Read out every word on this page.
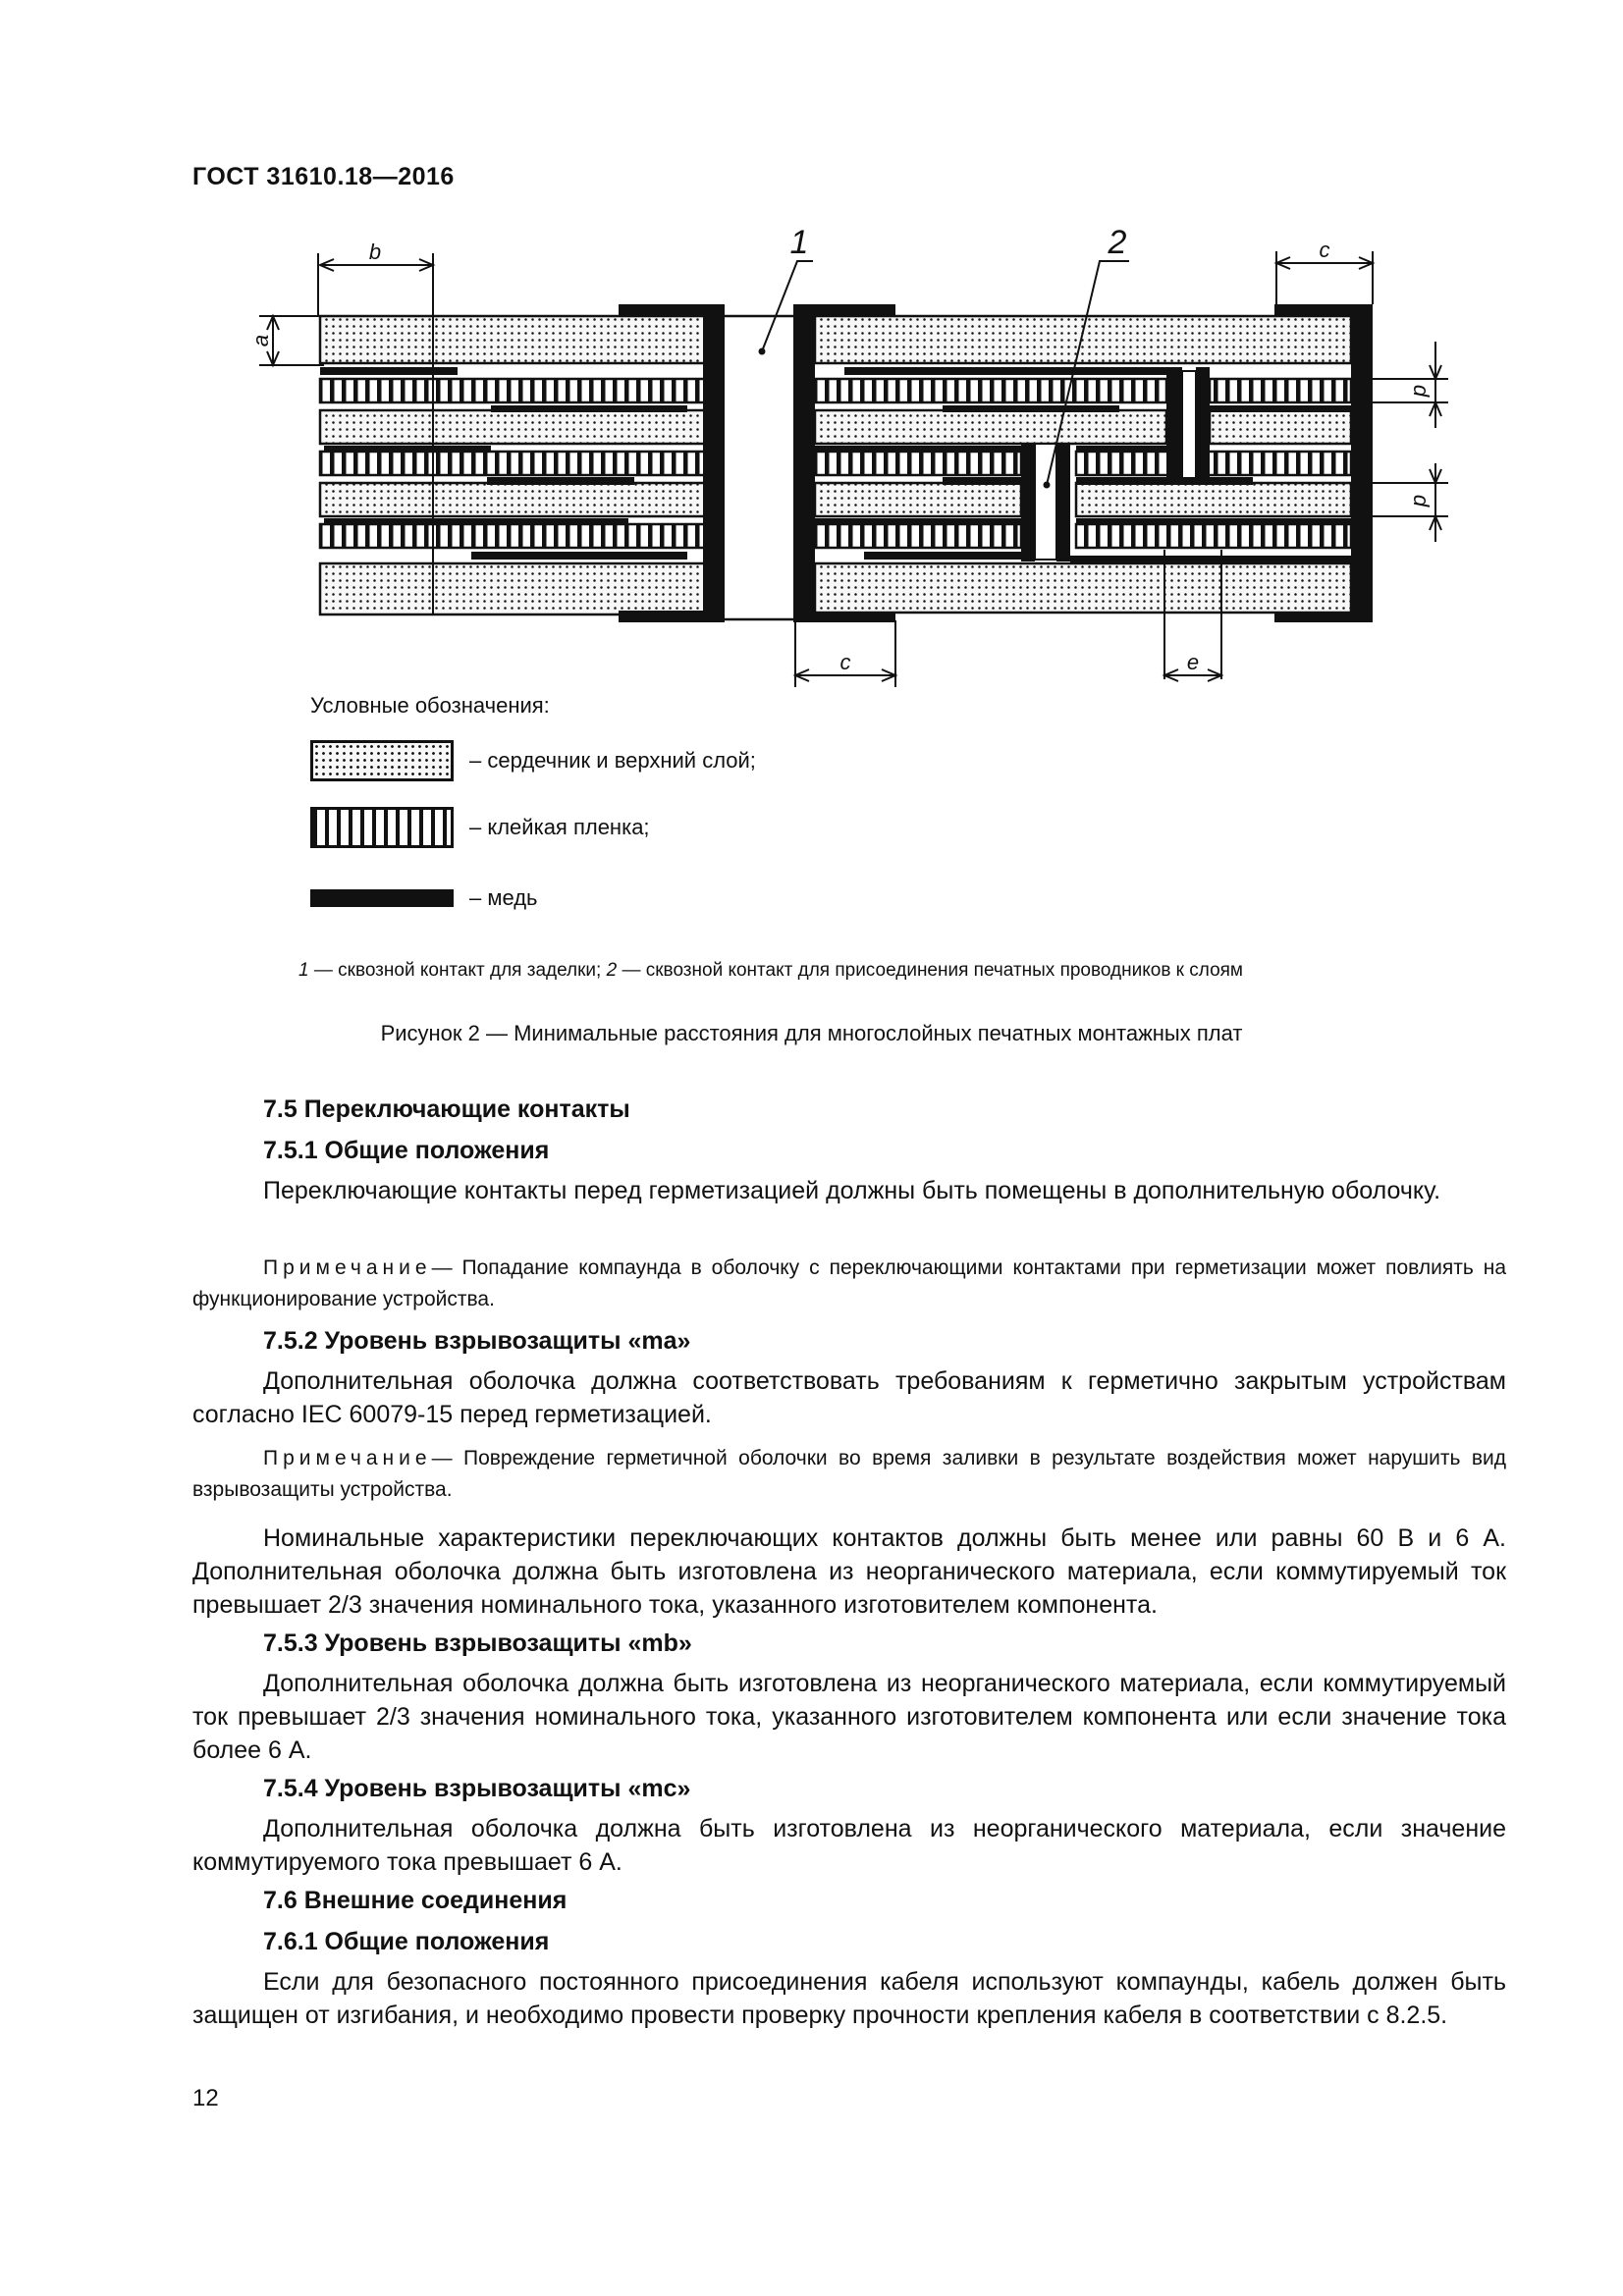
ГОСТ 31610.18—2016
b
a
c
d
d
c	e
1	2
Условные обозначения:
– сердечник и верхний слой;
– клейкая пленка;
– медь
1 — сквозной контакт для заделки; 2 — сквозной контакт для присоединения печатных проводников к слоям
Рисунок 2 — Минимальные расстояния для многослойных печатных монтажных плат
7.5 Переключающие контакты
7.5.1 Общие положения
Переключающие контакты перед герметизацией должны быть помещены в дополнительную оболочку.
Примечание— Попадание компаунда в оболочку с переключающими контактами при герметизации может повлиять на функционирование устройства.
7.5.2 Уровень взрывозащиты «ma»
Дополнительная оболочка должна соответствовать требованиям к герметично закрытым устройствам согласно IEC 60079-15 перед герметизацией.
Примечание— Повреждение герметичной оболочки во время заливки в результате воздействия может нарушить вид взрывозащиты устройства.
Номинальные характеристики переключающих контактов должны быть менее или равны 60 В и 6 А. Дополнительная оболочка должна быть изготовлена из неорганического материала, если коммутируемый ток превышает 2/3 значения номинального тока, указанного изготовителем компонента.
7.5.3 Уровень взрывозащиты «mb»
Дополнительная оболочка должна быть изготовлена из неорганического материала, если коммутируемый ток превышает 2/3 значения номинального тока, указанного изготовителем компонента или если значение тока более 6 А.
7.5.4 Уровень взрывозащиты «mc»
Дополнительная оболочка должна быть изготовлена из неорганического материала, если значение коммутируемого тока превышает 6 А.
7.6 Внешние соединения
7.6.1 Общие положения
Если для безопасного постоянного присоединения кабеля используют компаунды, кабель должен быть защищен от изгибания, и необходимо провести проверку прочности крепления кабеля в соответствии с 8.2.5.
12
